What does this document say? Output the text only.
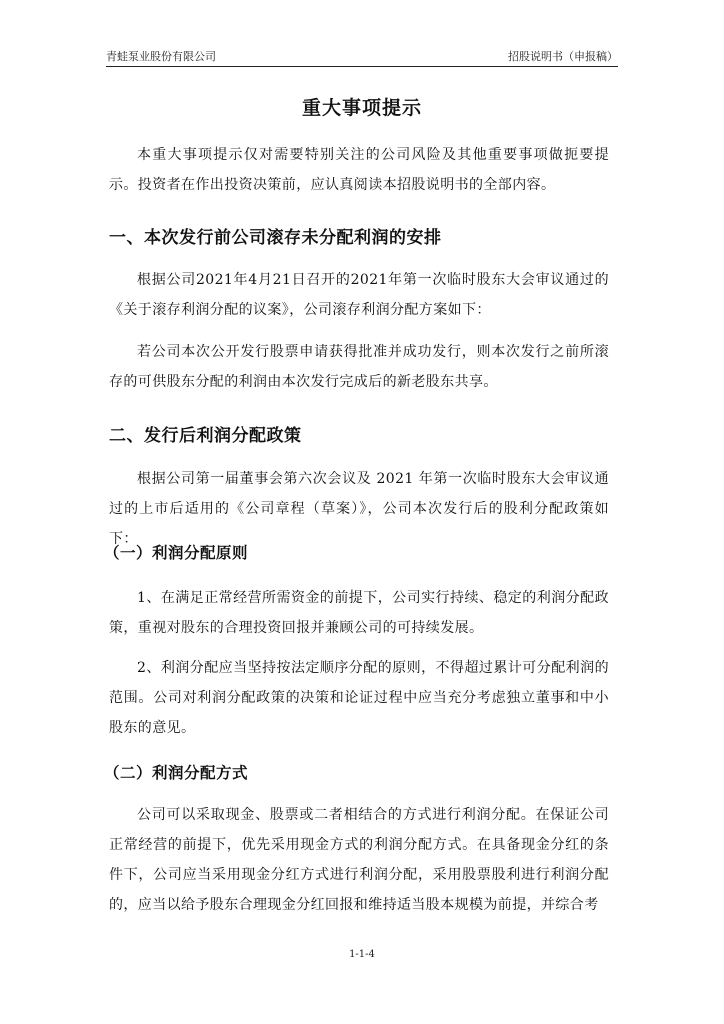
青蛙泵业股份有限公司	招股说明书（申报稿）
重大事项提示

本重大事项提示仅对需要特别关注的公司风险及其他重要事项做扼要提示。投资者在作出投资决策前，应认真阅读本招股说明书的全部内容。

一、本次发行前公司滚存未分配利润的安排

根据公司2021年4月21日召开的2021年第一次临时股东大会审议通过的《关于滚存利润分配的议案》，公司滚存利润分配方案如下：

若公司本次公开发行股票申请获得批准并成功发行，则本次发行之前所滚存的可供股东分配的利润由本次发行完成后的新老股东共享。

二、发行后利润分配政策

根据公司第一届董事会第六次会议及 2021 年第一次临时股东大会审议通过的上市后适用的《公司章程（草案）》，公司本次发行后的股利分配政策如下：

（一）利润分配原则

1、在满足正常经营所需资金的前提下，公司实行持续、稳定的利润分配政策，重视对股东的合理投资回报并兼顾公司的可持续发展。

2、利润分配应当坚持按法定顺序分配的原则，不得超过累计可分配利润的范围。公司对利润分配政策的决策和论证过程中应当充分考虑独立董事和中小股东的意见。

（二）利润分配方式

公司可以采取现金、股票或二者相结合的方式进行利润分配。在保证公司正常经营的前提下，优先采用现金方式的利润分配方式。在具备现金分红的条件下，公司应当采用现金分红方式进行利润分配，采用股票股利进行利润分配的，应当以给予股东合理现金分红回报和维持适当股本规模为前提，并综合考

1-1-4
